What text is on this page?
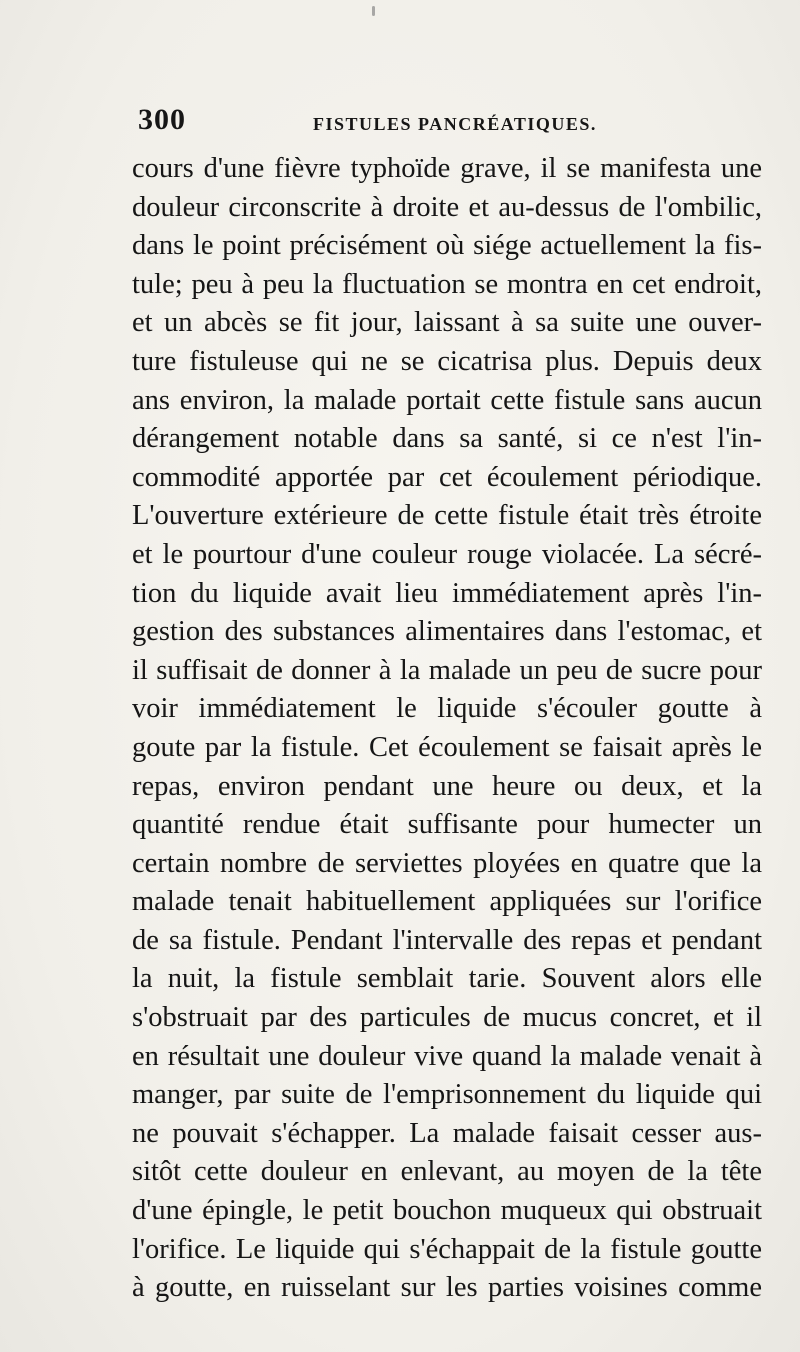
300	FISTULES PANCRÉATIQUES.
cours d'une fièvre typhoïde grave, il se manifesta une
douleur circonscrite à droite et au-dessus de l'ombilic,
dans le point précisément où siége actuellement la fis-
tule; peu à peu la fluctuation se montra en cet endroit,
et un abcès se fit jour, laissant à sa suite une ouver-
ture fistuleuse qui ne se cicatrisa plus. Depuis deux
ans environ, la malade portait cette fistule sans aucun
dérangement notable dans sa santé, si ce n'est l'in-
commodité apportée par cet écoulement périodique.
L'ouverture extérieure de cette fistule était très étroite
et le pourtour d'une couleur rouge violacée. La sécré-
tion du liquide avait lieu immédiatement après l'in-
gestion des substances alimentaires dans l'estomac, et
il suffisait de donner à la malade un peu de sucre pour
voir immédiatement le liquide s'écouler goutte à
goute par la fistule. Cet écoulement se faisait après le
repas, environ pendant une heure ou deux, et la
quantité rendue était suffisante pour humecter un
certain nombre de serviettes ployées en quatre que la
malade tenait habituellement appliquées sur l'orifice
de sa fistule. Pendant l'intervalle des repas et pendant
la nuit, la fistule semblait tarie. Souvent alors elle
s'obstruait par des particules de mucus concret, et il
en résultait une douleur vive quand la malade venait à
manger, par suite de l'emprisonnement du liquide qui
ne pouvait s'échapper. La malade faisait cesser aus-
sitôt cette douleur en enlevant, au moyen de la tête
d'une épingle, le petit bouchon muqueux qui obstruait
l'orifice. Le liquide qui s'échappait de la fistule goutte
à goutte, en ruisselant sur les parties voisines comme
